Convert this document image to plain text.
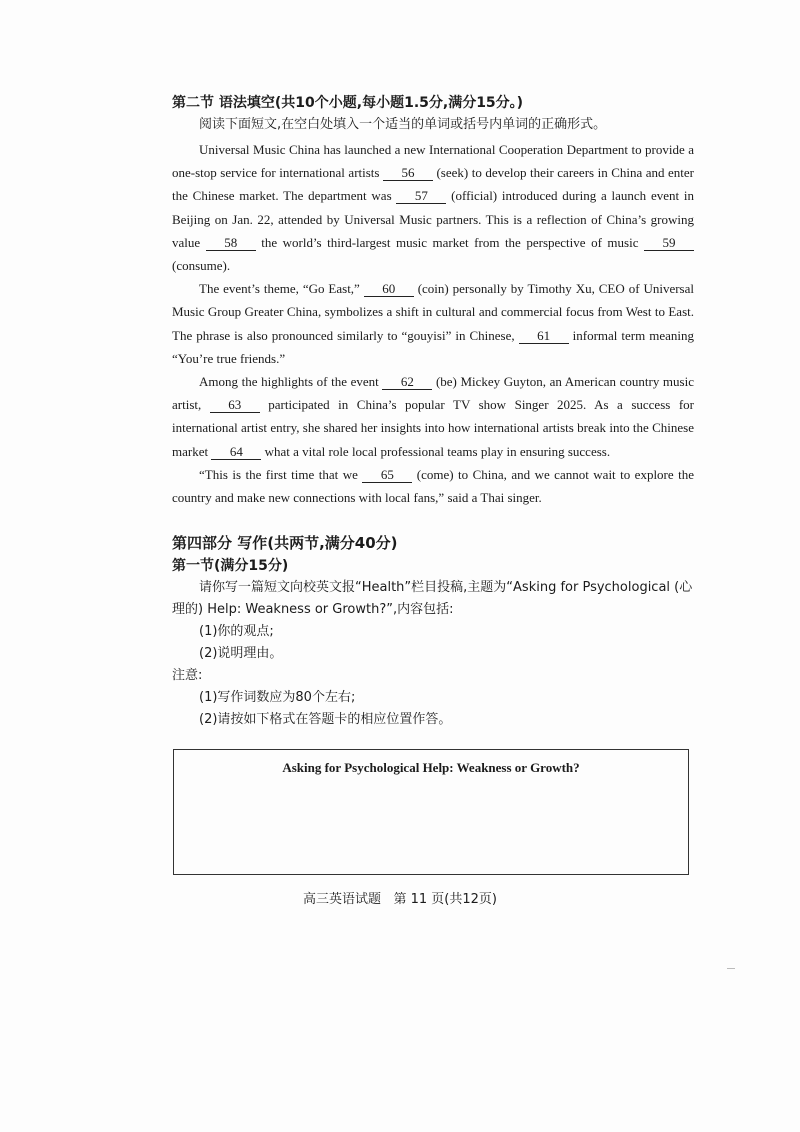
第二节 语法填空(共10个小题,每小题1.5分,满分15分。)
阅读下面短文,在空白处填入一个适当的单词或括号内单词的正确形式。

Universal Music China has launched a new International Cooperation Department to provide a one-stop service for international artists 56 (seek) to develop their careers in China and enter the Chinese market. The department was 57 (official) introduced during a launch event in Beijing on Jan. 22, attended by Universal Music partners. This is a reflection of China’s growing value 58 the world’s third-largest music market from the perspective of music 59 (consume).

The event’s theme, “Go East,” 60 (coin) personally by Timothy Xu, CEO of Universal Music Group Greater China, symbolizes a shift in cultural and commercial focus from West to East. The phrase is also pronounced similarly to “gouyisi” in Chinese, 61 informal term meaning “You’re true friends.”

Among the highlights of the event 62 (be) Mickey Guyton, an American country music artist, 63 participated in China’s popular TV show Singer 2025. As a success for international artist entry, she shared her insights into how international artists break into the Chinese market 64 what a vital role local professional teams play in ensuring success.

“This is the first time that we 65 (come) to China, and we cannot wait to explore the country and make new connections with local fans,” said a Thai singer.

第四部分 写作(共两节,满分40分)
第一节(满分15分)
请你写一篇短文向校英文报“Health”栏目投稿,主题为“Asking for Psychological (心
理的) Help: Weakness or Growth?”,内容包括:
(1)你的观点;
(2)说明理由。
注意:
(1)写作词数应为80个左右;
(2)请按如下格式在答题卡的相应位置作答。
Asking for Psychological Help: Weakness or Growth?
高三英语试题   第 11 页(共12页)
